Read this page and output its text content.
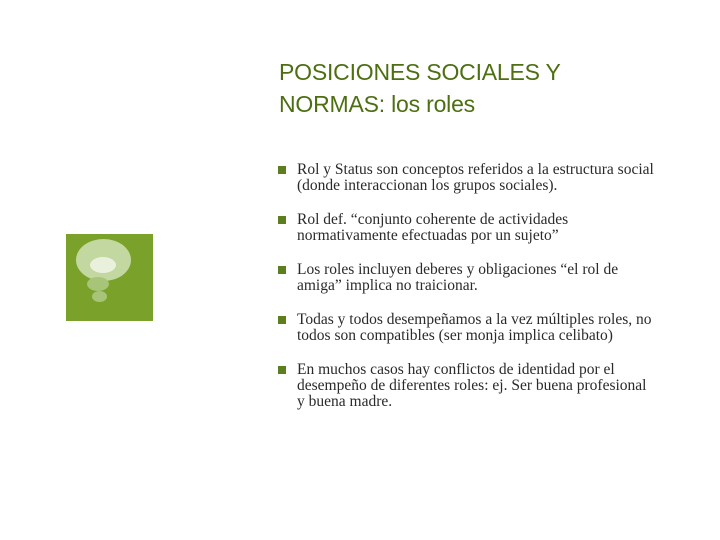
POSICIONES SOCIALES Y
NORMAS: los roles
Rol y Status son conceptos referidos a la estructura social (donde interaccionan los grupos sociales).
Rol def. “conjunto coherente de actividades normativamente efectuadas por un sujeto”
Los roles incluyen deberes y obligaciones “el rol de amiga” implica no traicionar.
Todas y todos desempeñamos a la vez múltiples roles, no todos son compatibles (ser monja implica celibato)
En muchos casos hay conflictos de identidad por el desempeño de diferentes roles: ej. Ser buena profesional y buena madre.
